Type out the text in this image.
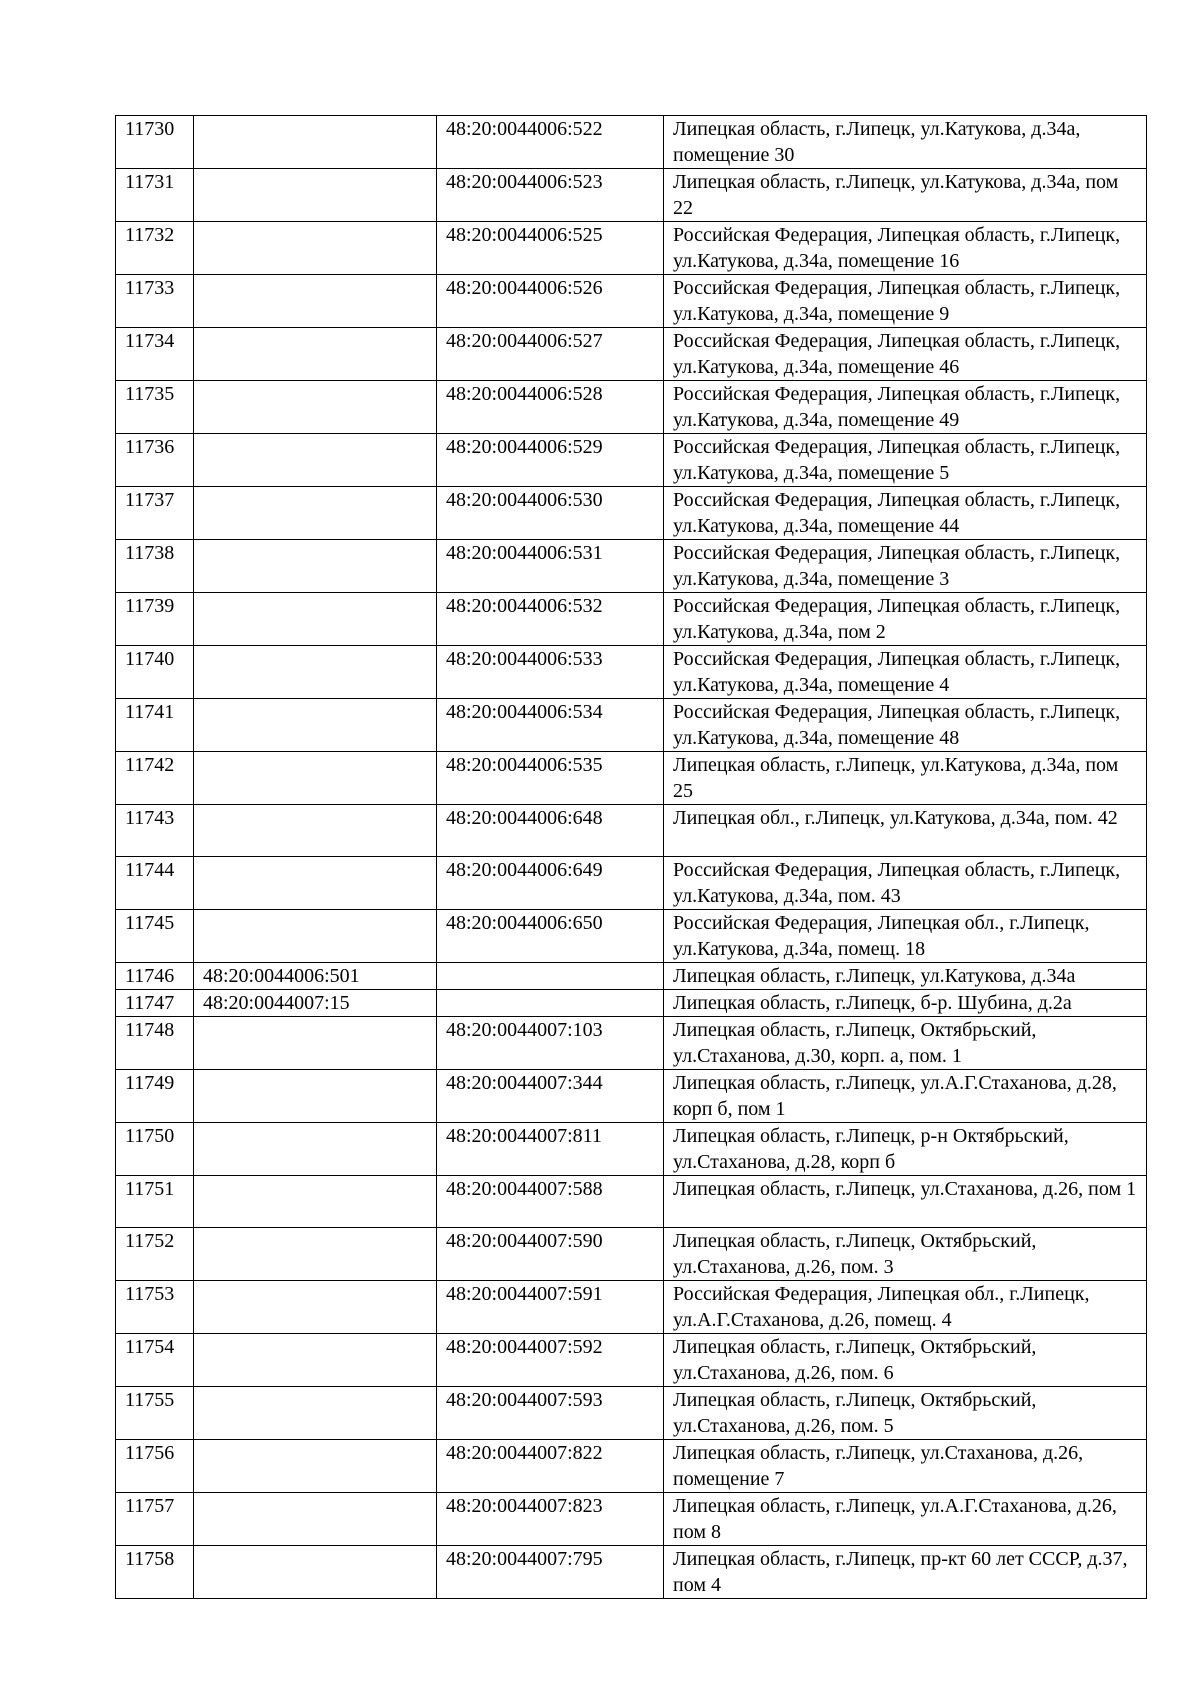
11730		48:20:0044006:522	Липецкая область, г.Липецк, ул.Катукова, д.34а, помещение 30
11731		48:20:0044006:523	Липецкая область, г.Липецк, ул.Катукова, д.34а, пом 22
11732		48:20:0044006:525	Российская Федерация, Липецкая область, г.Липецк, ул.Катукова, д.34а, помещение 16
11733		48:20:0044006:526	Российская Федерация, Липецкая область, г.Липецк, ул.Катукова, д.34а, помещение 9
11734		48:20:0044006:527	Российская Федерация, Липецкая область, г.Липецк, ул.Катукова, д.34а, помещение 46
11735		48:20:0044006:528	Российская Федерация, Липецкая область, г.Липецк, ул.Катукова, д.34а, помещение 49
11736		48:20:0044006:529	Российская Федерация, Липецкая область, г.Липецк, ул.Катукова, д.34а, помещение 5
11737		48:20:0044006:530	Российская Федерация, Липецкая область, г.Липецк, ул.Катукова, д.34а, помещение 44
11738		48:20:0044006:531	Российская Федерация, Липецкая область, г.Липецк, ул.Катукова, д.34а, помещение 3
11739		48:20:0044006:532	Российская Федерация, Липецкая область, г.Липецк, ул.Катукова, д.34а, пом 2
11740		48:20:0044006:533	Российская Федерация, Липецкая область, г.Липецк, ул.Катукова, д.34а, помещение 4
11741		48:20:0044006:534	Российская Федерация, Липецкая область, г.Липецк, ул.Катукова, д.34а, помещение 48
11742		48:20:0044006:535	Липецкая область, г.Липецк, ул.Катукова, д.34а, пом 25
11743		48:20:0044006:648	Липецкая обл., г.Липецк, ул.Катукова, д.34а, пом. 42
11744		48:20:0044006:649	Российская Федерация, Липецкая область, г.Липецк, ул.Катукова, д.34а, пом. 43
11745		48:20:0044006:650	Российская Федерация, Липецкая обл., г.Липецк, ул.Катукова, д.34а, помещ. 18
11746	48:20:0044006:501		Липецкая область, г.Липецк, ул.Катукова, д.34а
11747	48:20:0044007:15		Липецкая область, г.Липецк, б-р. Шубина, д.2а
11748		48:20:0044007:103	Липецкая область, г.Липецк, Октябрьский, ул.Стаханова, д.30, корп. а, пом. 1
11749		48:20:0044007:344	Липецкая область, г.Липецк, ул.А.Г.Стаханова, д.28, корп б, пом 1
11750		48:20:0044007:811	Липецкая область, г.Липецк, р-н Октябрьский, ул.Стаханова, д.28, корп б
11751		48:20:0044007:588	Липецкая область, г.Липецк, ул.Стаханова, д.26, пом 1
11752		48:20:0044007:590	Липецкая область, г.Липецк, Октябрьский, ул.Стаханова, д.26, пом. 3
11753		48:20:0044007:591	Российская Федерация, Липецкая обл., г.Липецк, ул.А.Г.Стаханова, д.26, помещ. 4
11754		48:20:0044007:592	Липецкая область, г.Липецк, Октябрьский, ул.Стаханова, д.26, пом. 6
11755		48:20:0044007:593	Липецкая область, г.Липецк, Октябрьский, ул.Стаханова, д.26, пом. 5
11756		48:20:0044007:822	Липецкая область, г.Липецк, ул.Стаханова, д.26, помещение 7
11757		48:20:0044007:823	Липецкая область, г.Липецк, ул.А.Г.Стаханова, д.26, пом 8
11758		48:20:0044007:795	Липецкая область, г.Липецк, пр-кт 60 лет СССР, д.37, пом 4
